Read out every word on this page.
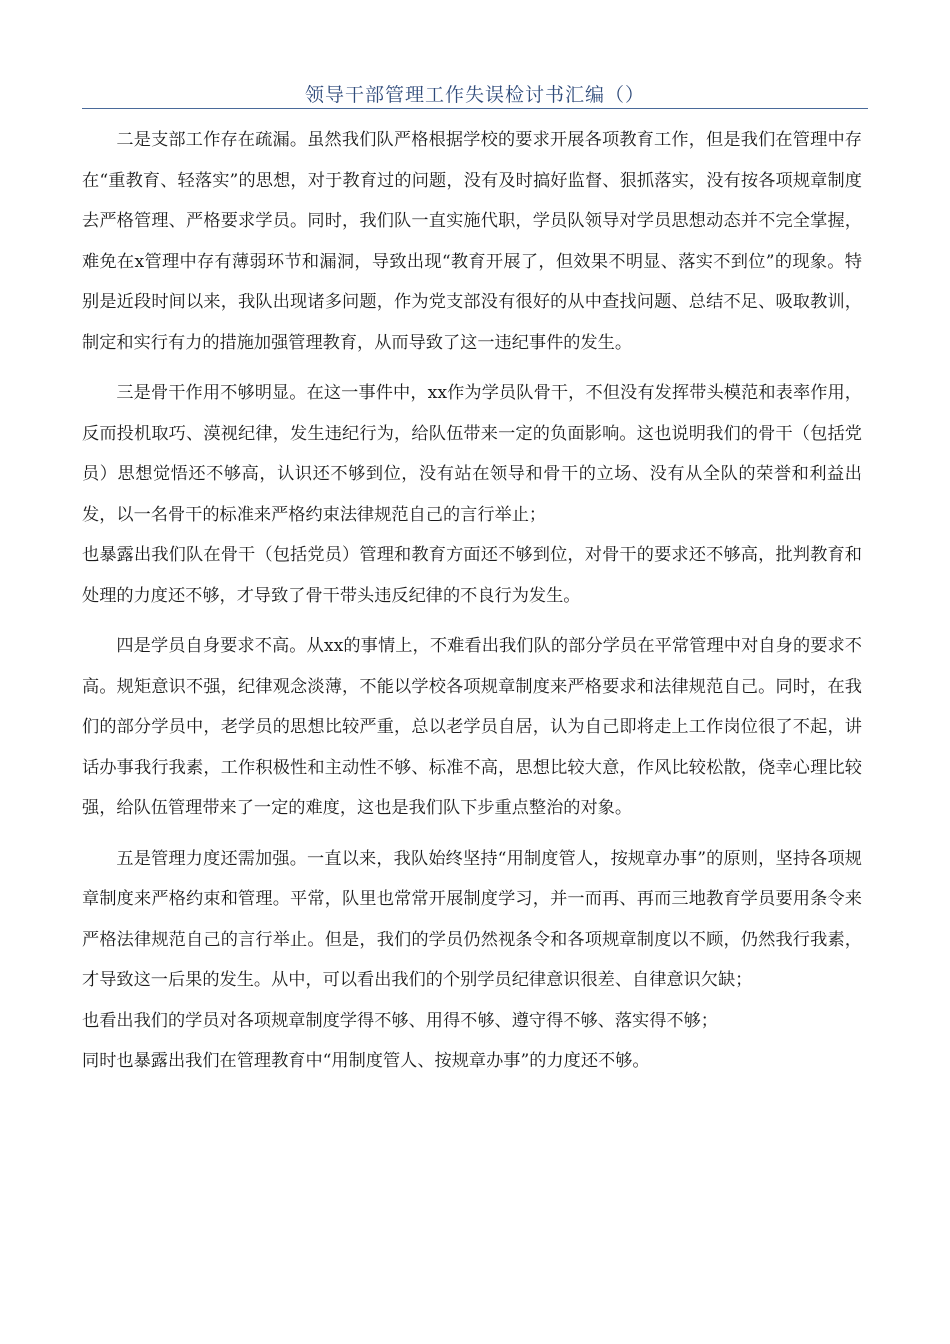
领导干部管理工作失误检讨书汇编（）

二是支部工作存在疏漏。虽然我们队严格根据学校的要求开展各项教育工作，但是我们在管理中存在“重教育、轻落实”的思想，对于教育过的问题，没有及时搞好监督、狠抓落实，没有按各项规章制度去严格管理、严格要求学员。同时，我们队一直实施代职，学员队领导对学员思想动态并不完全掌握，难免在x管理中存有薄弱环节和漏洞，导致出现“教育开展了，但效果不明显、落实不到位”的现象。特别是近段时间以来，我队出现诸多问题，作为党支部没有很好的从中查找问题、总结不足、吸取教训，制定和实行有力的措施加强管理教育，从而导致了这一违纪事件的发生。

三是骨干作用不够明显。在这一事件中，xx作为学员队骨干，不但没有发挥带头模范和表率作用，反而投机取巧、漠视纪律，发生违纪行为，给队伍带来一定的负面影响。这也说明我们的骨干（包括党员）思想觉悟还不够高，认识还不够到位，没有站在领导和骨干的立场、没有从全队的荣誉和利益出发，以一名骨干的标准来严格约束法律规范自己的言行举止；

也暴露出我们队在骨干（包括党员）管理和教育方面还不够到位，对骨干的要求还不够高，批判教育和处理的力度还不够，才导致了骨干带头违反纪律的不良行为发生。

四是学员自身要求不高。从xx的事情上，不难看出我们队的部分学员在平常管理中对自身的要求不高。规矩意识不强，纪律观念淡薄，不能以学校各项规章制度来严格要求和法律规范自己。同时，在我们的部分学员中，老学员的思想比较严重，总以老学员自居，认为自己即将走上工作岗位很了不起，讲话办事我行我素，工作积极性和主动性不够、标准不高，思想比较大意，作风比较松散，侥幸心理比较强，给队伍管理带来了一定的难度，这也是我们队下步重点整治的对象。

五是管理力度还需加强。一直以来，我队始终坚持“用制度管人，按规章办事”的原则，坚持各项规章制度来严格约束和管理。平常，队里也常常开展制度学习，并一而再、再而三地教育学员要用条令来严格法律规范自己的言行举止。但是，我们的学员仍然视条令和各项规章制度以不顾，仍然我行我素，才导致这一后果的发生。从中，可以看出我们的个别学员纪律意识很差、自律意识欠缺；

也看出我们的学员对各项规章制度学得不够、用得不够、遵守得不够、落实得不够；

同时也暴露出我们在管理教育中“用制度管人、按规章办事”的力度还不够。
